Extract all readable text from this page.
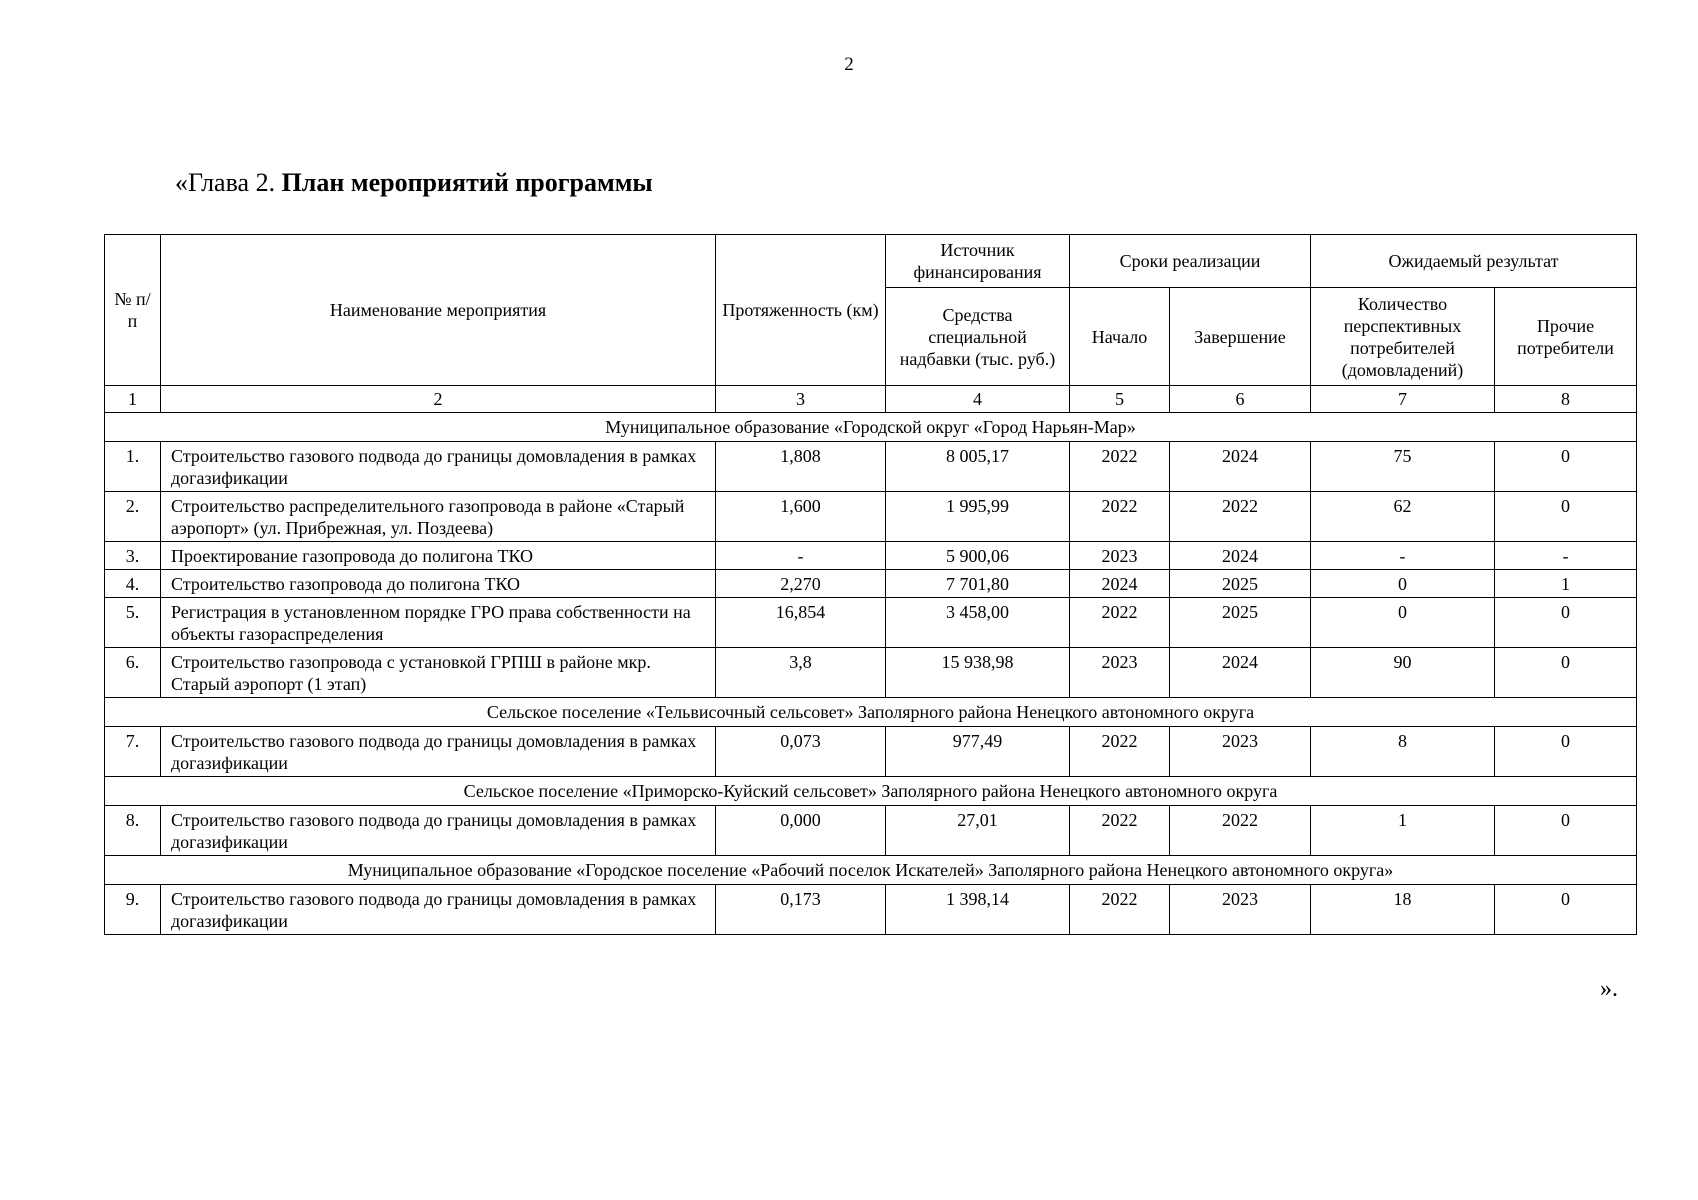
2
«Глава 2. План мероприятий программы
№ п/п	Наименование мероприятия	Протяженность (км)	Источник финансирования	Сроки реализации		Ожидаемый результат	
			Средства специальной надбавки (тыс. руб.)	Начало	Завершение	Количество перспективных потребителей (домовладений)	Прочие потребители
1	2	3	4	5	6	7	8
Муниципальное образование «Городской округ «Город Нарьян-Мар»							
1.	Строительство газового подвода до границы домовладения в рамках догазификации	1,808	8 005,17	2022	2024	75	0
2.	Строительство распределительного газопровода в районе «Старый аэропорт» (ул. Прибрежная, ул. Поздеева)	1,600	1 995,99	2022	2022	62	0
3.	Проектирование газопровода до полигона ТКО	-	5 900,06	2023	2024	-	-
4.	Строительство газопровода до полигона ТКО	2,270	7 701,80	2024	2025	0	1
5.	Регистрация в установленном порядке ГРО права собственности на объекты газораспределения	16,854	3 458,00	2022	2025	0	0
6.	Строительство газопровода с установкой ГРПШ в районе мкр. Старый аэропорт (1 этап)	3,8	15 938,98	2023	2024	90	0
Сельское поселение «Тельвисочный сельсовет» Заполярного района Ненецкого автономного округа							
7.	Строительство газового подвода до границы домовладения в рамках догазификации	0,073	977,49	2022	2023	8	0
Сельское поселение «Приморско-Куйский сельсовет» Заполярного района Ненецкого автономного округа							
8.	Строительство газового подвода до границы домовладения в рамках догазификации	0,000	27,01	2022	2022	1	0
Муниципальное образование «Городское поселение «Рабочий поселок Искателей» Заполярного района Ненецкого автономного округа»							
9.	Строительство газового подвода до границы домовладения в рамках догазификации	0,173	1 398,14	2022	2023	18	0
».
